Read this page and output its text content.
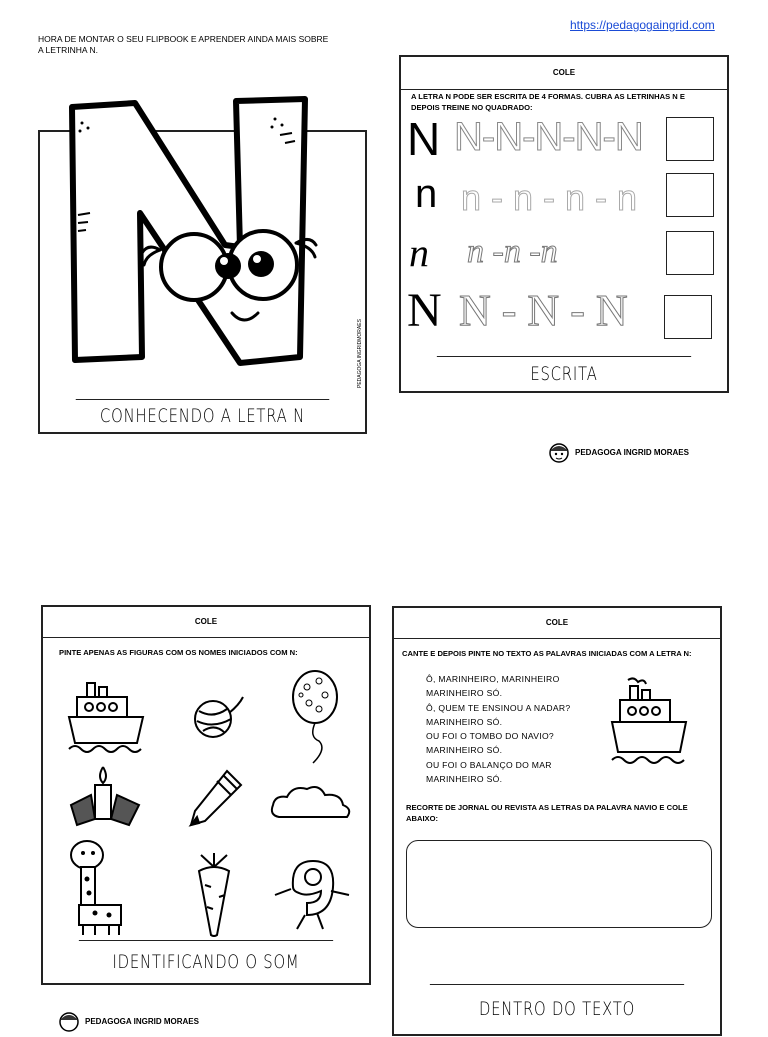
https://pedagogaingrid.com
HORA DE MONTAR O SEU FLIPBOOK E APRENDER AINDA MAIS SOBRE
A LETRINHA N.
PEDAGOGA INGRIDMORAES
CONHECENDO A LETRA N
COLE
A LETRA N PODE SER ESCRITA DE 4 FORMAS. CUBRA AS LETRINHAS N E
DEPOIS TREINE NO QUADRADO:
N N-N-N-N-N
n n - n - n - n
n n -n -n
N N - N - N
ESCRITA
PEDAGOGA INGRID MORAES
COLE
PINTE APENAS AS FIGURAS COM OS NOMES INICIADOS COM N:
IDENTIFICANDO O SOM
COLE
CANTE E DEPOIS PINTE NO TEXTO AS PALAVRAS INICIADAS COM A LETRA N:
Ô, MARINHEIRO, MARINHEIRO
MARINHEIRO SÓ.
Ô, QUEM TE ENSINOU A NADAR?
MARINHEIRO SÓ.
OU FOI O TOMBO DO NAVIO?
MARINHEIRO SÓ.
OU FOI O BALANÇO DO MAR
MARINHEIRO SÓ.
RECORTE DE JORNAL OU REVISTA AS LETRAS DA PALAVRA NAVIO E COLE
ABAIXO:
DENTRO DO TEXTO
PEDAGOGA INGRID MORAES
